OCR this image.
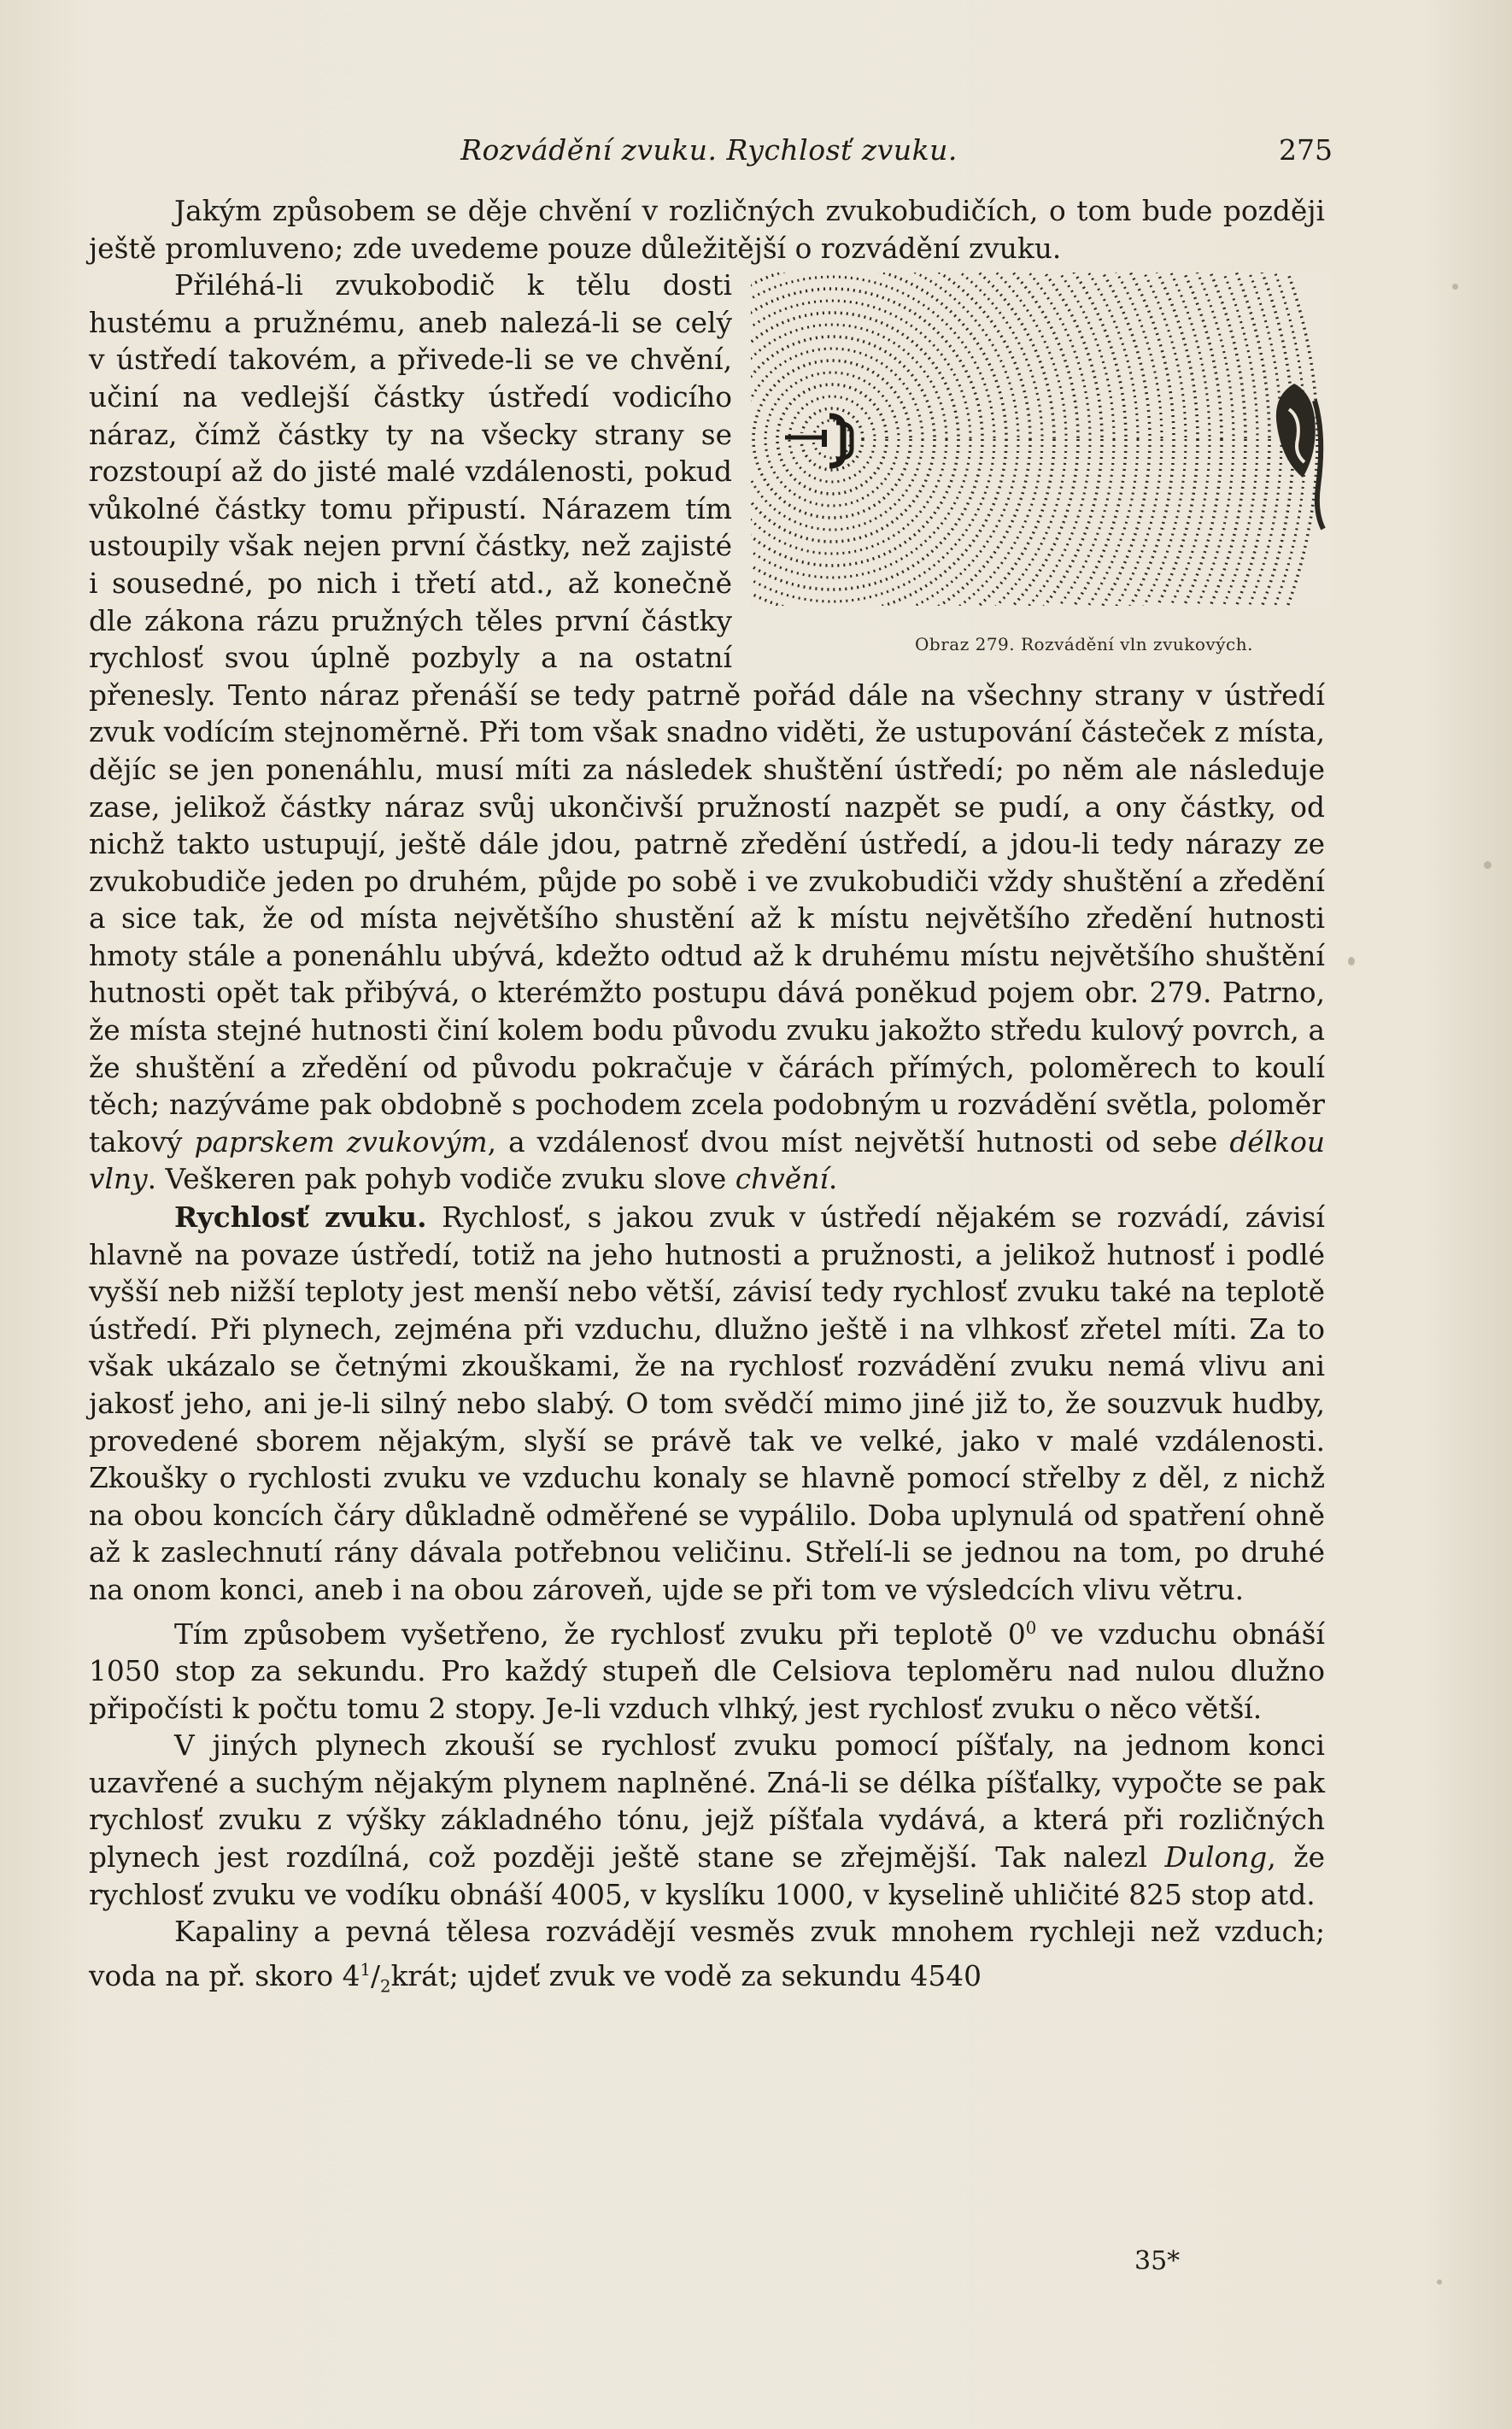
Rozvádění zvuku. Rychlosť zvuku.	275

Jakým způsobem se děje chvění v rozličných zvukobudičích, o tom bude později ještě promluveno; zde uvedeme pouze důležitější o rozvádění zvuku.

Obraz 279. Rozvádění vln zvukových.
Přiléhá-li zvukobodič k tělu dosti hustému a pružnému, aneb nalezá-li se celý v ústředí takovém, a přivede-li se ve chvění, učiní na vedlejší částky ústředí vodicího náraz, čímž částky ty na všecky strany se rozstoupí až do jisté malé vzdálenosti, pokud vůkolné částky tomu připustí. Nárazem tím ustoupily však nejen první částky, než zajisté i sousedné, po nich i třetí atd., až konečně dle zákona rázu pružných těles první částky rychlosť svou úplně pozbyly a na ostatní přenesly. Tento náraz přenáší se tedy patrně pořád dále na všechny strany v ústředí zvuk vodícím stejnoměrně. Při tom však snadno viděti, že ustupování částeček z místa, dějíc se jen ponenáhlu, musí míti za následek shuštění ústředí; po něm ale následuje zase, jelikož částky náraz svůj ukončivší pružností nazpět se pudí, a ony částky, od nichž takto ustupují, ještě dále jdou, patrně zředění ústředí, a jdou-li tedy nárazy ze zvukobudiče jeden po druhém, půjde po sobě i ve zvukobudiči vždy shuštění a zředění a sice tak, že od místa největšího shustění až k místu největšího zředění hutnosti hmoty stále a ponenáhlu ubývá, kdežto odtud až k druhému místu největšího shuštění hutnosti opět tak přibývá, o kterémžto postupu dává poněkud pojem obr. 279. Patrno, že místa stejné hutnosti činí kolem bodu původu zvuku jakožto středu kulový povrch, a že shuštění a zředění od původu pokračuje v čárách přímých, poloměrech to koulí těch; nazýváme pak obdobně s pochodem zcela podobným u rozvádění světla, poloměr takový paprskem zvukovým, a vzdálenosť dvou míst největší hutnosti od sebe délkou vlny. Veškeren pak pohyb vodiče zvuku slove chvění.

Rychlosť zvuku. Rychlosť, s jakou zvuk v ústředí nějakém se rozvádí, závisí hlavně na povaze ústředí, totiž na jeho hutnosti a pružnosti, a jelikož hutnosť i podlé vyšší neb nižší teploty jest menší nebo větší, závisí tedy rychlosť zvuku také na teplotě ústředí. Při plynech, zejména při vzduchu, dlužno ještě i na vlhkosť zřetel míti. Za to však ukázalo se četnými zkouškami, že na rychlosť rozvádění zvuku nemá vlivu ani jakosť jeho, ani je-li silný nebo slabý. O tom svědčí mimo jiné již to, že souzvuk hudby, provedené sborem nějakým, slyší se právě tak ve velké, jako v malé vzdálenosti. Zkoušky o rychlosti zvuku ve vzduchu konaly se hlavně pomocí střelby z děl, z nichž na obou koncích čáry důkladně odměřené se vypálilo. Doba uplynulá od spatření ohně až k zaslechnutí rány dávala potřebnou veličinu. Střelí-li se jednou na tom, po druhé na onom konci, aneb i na obou zároveň, ujde se při tom ve výsledcích vlivu větru.

Tím způsobem vyšetřeno, že rychlosť zvuku při teplotě $0^0$ ve vzduchu obnáší 1050 stop za sekundu. Pro každý stupeň dle Celsiova teploměru nad nulou dlužno připočísti k počtu tomu 2 stopy. Je-li vzduch vlhký, jest rychlosť zvuku o něco větší.

V jiných plynech zkouší se rychlosť zvuku pomocí píšťaly, na jednom konci uzavřené a suchým nějakým plynem naplněné. Zná-li se délka píšťalky, vypočte se pak rychlosť zvuku z výšky základného tónu, jejž píšťala vydává, a která při rozličných plynech jest rozdílná, což později ještě stane se zřejmější. Tak nalezl Dulong, že rychlosť zvuku ve vodíku obnáší 4005, v kyslíku 1000, v kyselině uhličité 825 stop atd.

Kapaliny a pevná tělesa rozvádějí vesměs zvuk mnohem rychleji než vzduch; voda na př. skoro $4^1/_2krát$; ujdeť zvuk ve vodě za sekundu 4540

35*
